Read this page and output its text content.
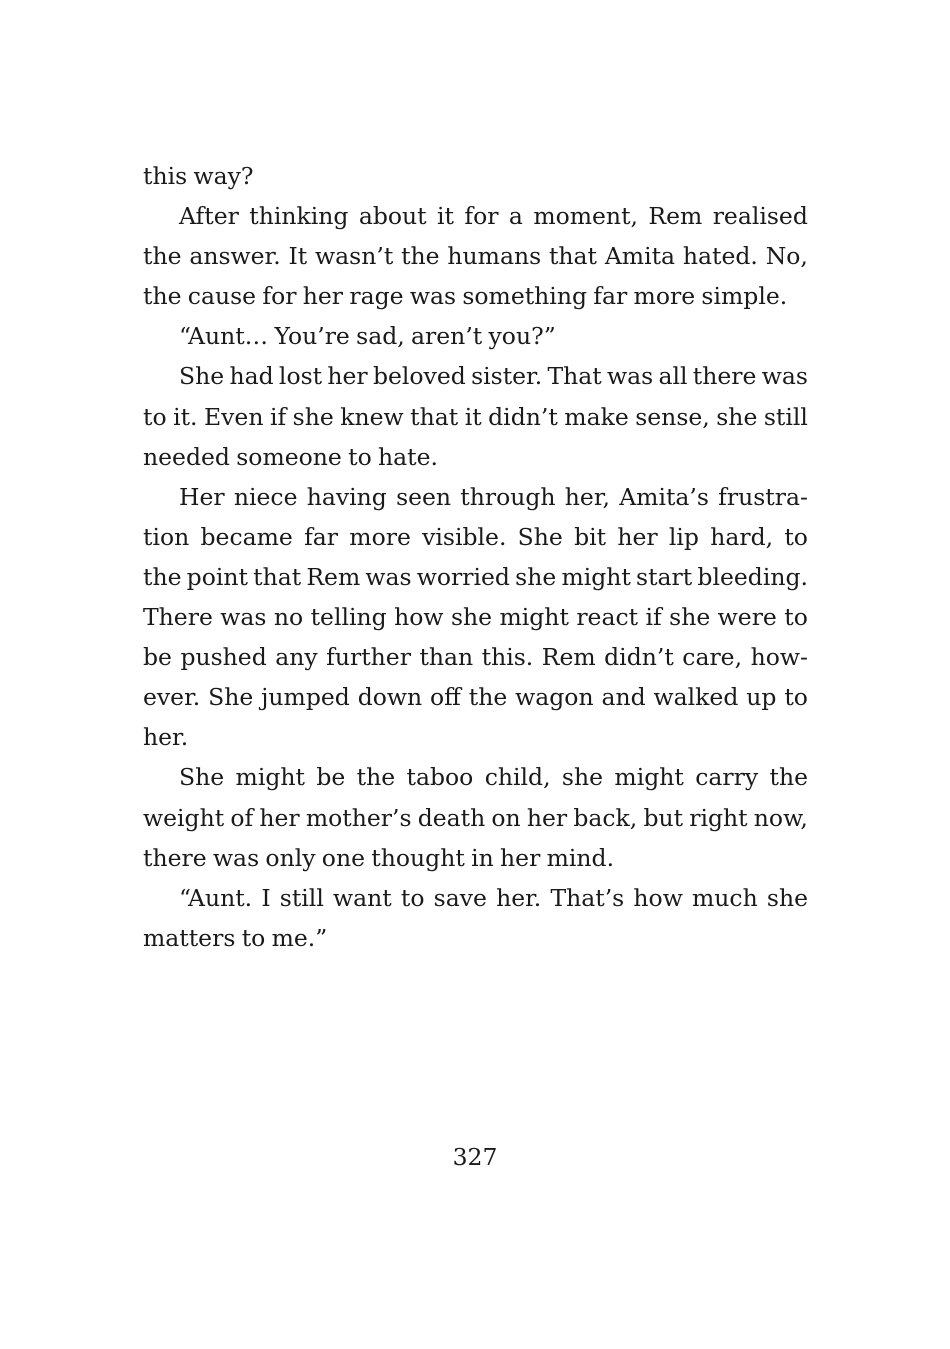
this way?
After thinking about it for a moment, Rem realised
the answer. It wasn’t the humans that Amita hated. No,
the cause for her rage was something far more simple.
“Aunt… You’re sad, aren’t you?”
She had lost her beloved sister. That was all there was
to it. Even if she knew that it didn’t make sense, she still
needed someone to hate.
Her niece having seen through her, Amita’s frustra-
tion became far more visible. She bit her lip hard, to
the point that Rem was worried she might start bleeding.
There was no telling how she might react if she were to
be pushed any further than this. Rem didn’t care, how-
ever. She jumped down off the wagon and walked up to
her.
She might be the taboo child, she might carry the
weight of her mother’s death on her back, but right now,
there was only one thought in her mind.
“Aunt. I still want to save her. That’s how much she
matters to me.”
327
